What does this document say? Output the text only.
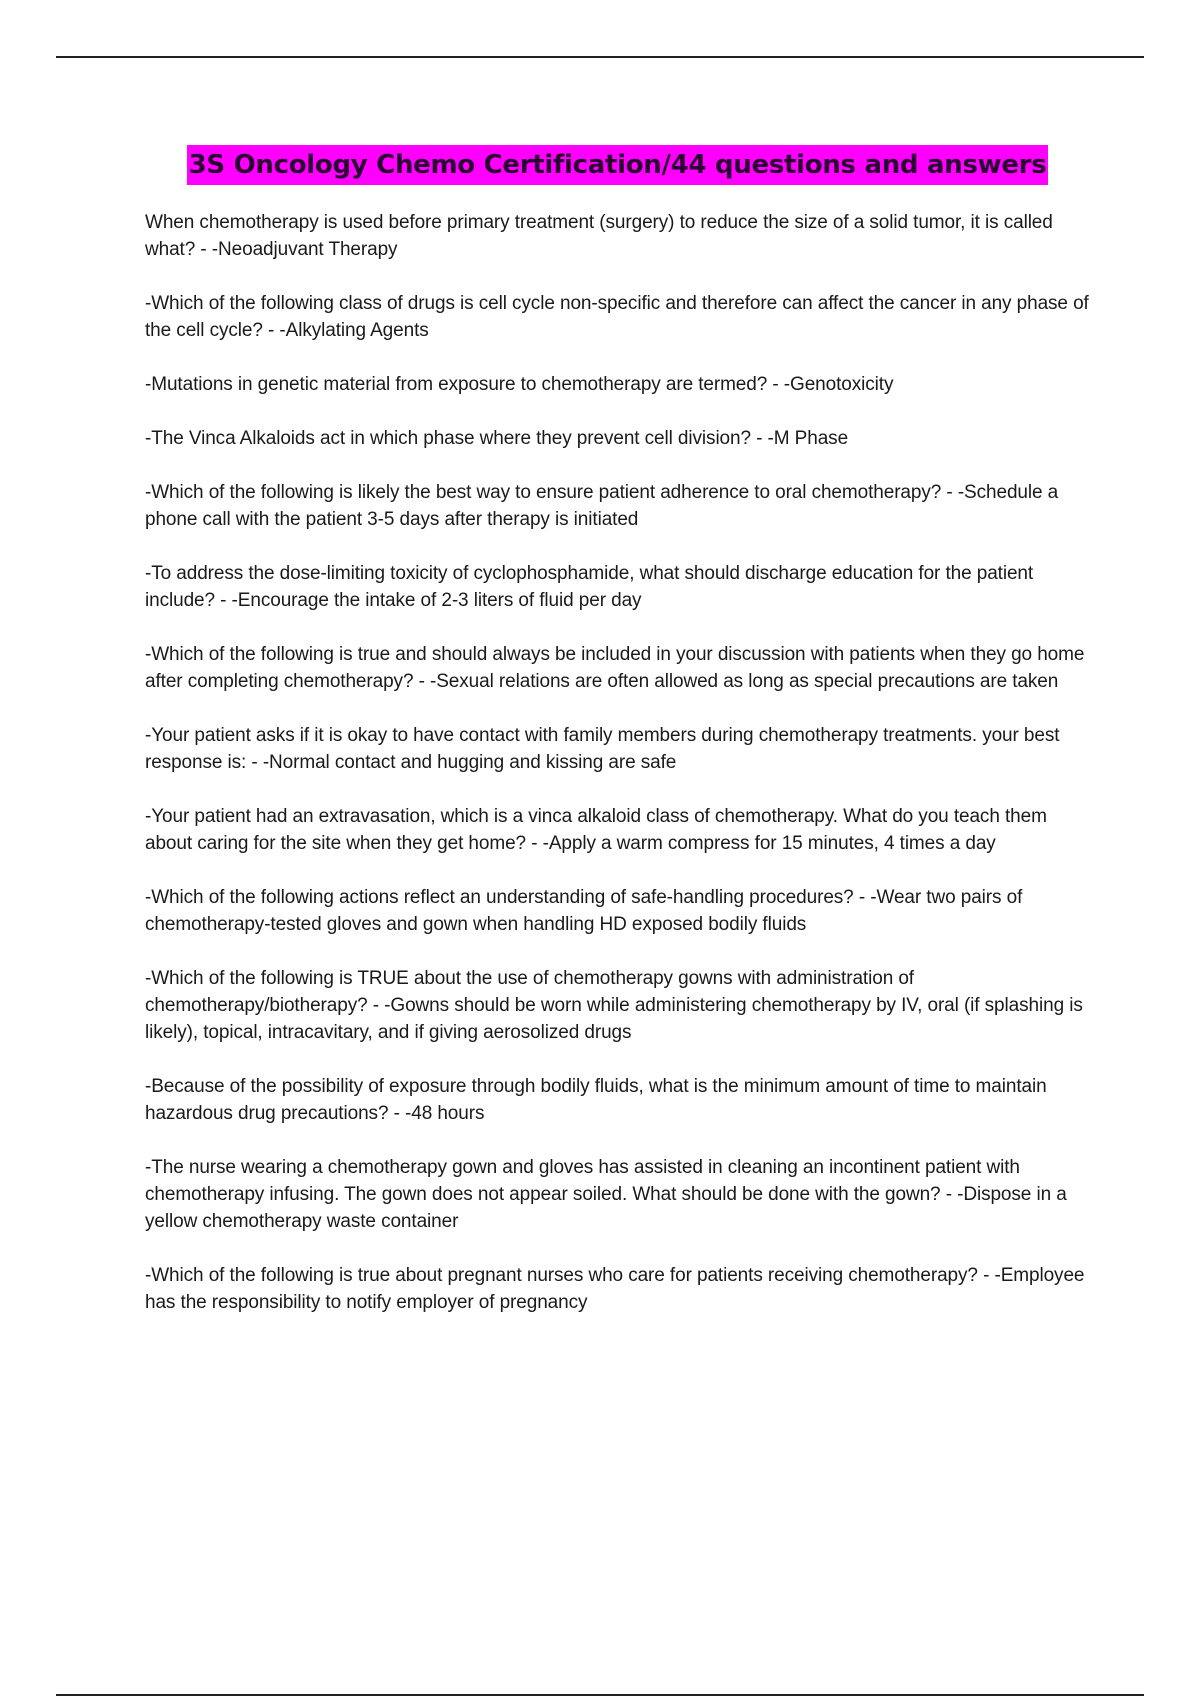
3S Oncology Chemo Certification/44 questions and answers
When chemotherapy is used before primary treatment (surgery) to reduce the size of a solid tumor, it is called what? - -Neoadjuvant Therapy
-Which of the following class of drugs is cell cycle non-specific and therefore can affect the cancer in any phase of the cell cycle? - -Alkylating Agents
-Mutations in genetic material from exposure to chemotherapy are termed? - -Genotoxicity
-The Vinca Alkaloids act in which phase where they prevent cell division? - -M Phase
-Which of the following is likely the best way to ensure patient adherence to oral chemotherapy? - -Schedule a phone call with the patient 3-5 days after therapy is initiated
-To address the dose-limiting toxicity of cyclophosphamide, what should discharge education for the patient include? - -Encourage the intake of 2-3 liters of fluid per day
-Which of the following is true and should always be included in your discussion with patients when they go home after completing chemotherapy? - -Sexual relations are often allowed as long as special precautions are taken
-Your patient asks if it is okay to have contact with family members during chemotherapy treatments. your best response is: - -Normal contact and hugging and kissing are safe
-Your patient had an extravasation, which is a vinca alkaloid class of chemotherapy. What do you teach them about caring for the site when they get home? - -Apply a warm compress for 15 minutes, 4 times a day
-Which of the following actions reflect an understanding of safe-handling procedures? - -Wear two pairs of chemotherapy-tested gloves and gown when handling HD exposed bodily fluids
-Which of the following is TRUE about the use of chemotherapy gowns with administration of chemotherapy/biotherapy? - -Gowns should be worn while administering chemotherapy by IV, oral (if splashing is likely), topical, intracavitary, and if giving aerosolized drugs
-Because of the possibility of exposure through bodily fluids, what is the minimum amount of time to maintain hazardous drug precautions? - -48 hours
-The nurse wearing a chemotherapy gown and gloves has assisted in cleaning an incontinent patient with chemotherapy infusing. The gown does not appear soiled. What should be done with the gown? - -Dispose in a yellow chemotherapy waste container
-Which of the following is true about pregnant nurses who care for patients receiving chemotherapy? - -Employee has the responsibility to notify employer of pregnancy
